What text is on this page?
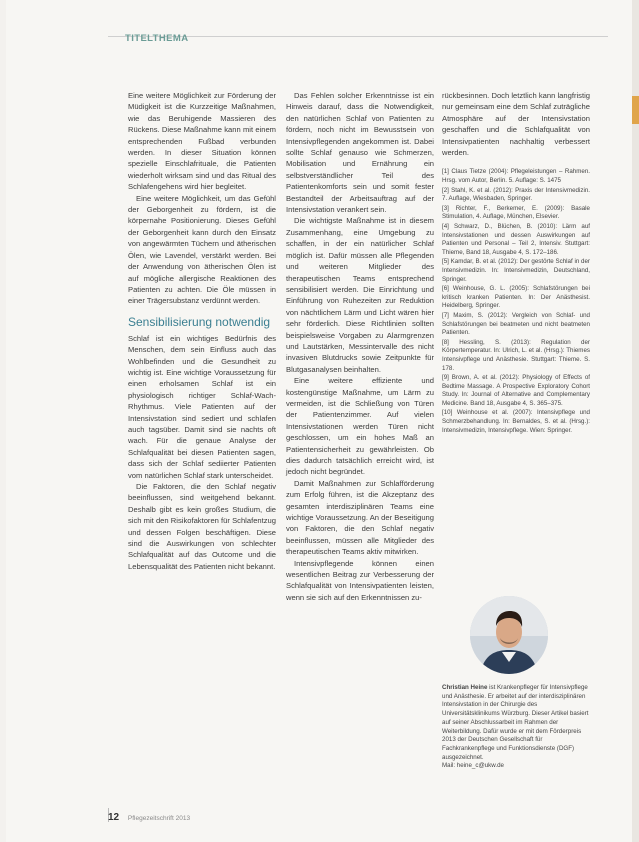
TITELTHEMA

Eine weitere Möglichkeit zur Förderung der Müdigkeit ist die Kurzzeitige Maßnahmen, wie das Beruhigende Massieren des Rückens. Diese Maßnahme kann mit einem entsprechenden Fußbad verbunden werden. In dieser Situation können spezielle Einschlafrituale, die Patienten wiederholt wirksam sind und das Ritual des Schlafengehens wird hier begleitet.

Eine weitere Möglichkeit, um das Gefühl der Geborgenheit zu fördern, ist die körpernahe Positionierung. Dieses Gefühl der Geborgenheit kann durch den Einsatz von angewärmten Tüchern und ätherischen Ölen, wie Lavendel, verstärkt werden. Bei der Anwendung von ätherischen Ölen ist auf mögliche allergische Reaktionen des Patienten zu achten. Die Öle müssen in einer Trägersubstanz verdünnt werden.

Sensibilisierung notwendig

Schlaf ist ein wichtiges Bedürfnis des Menschen, dem sein Einfluss auch das Wohlbefinden und die Gesundheit zu wichtig ist. Eine wichtige Voraussetzung für einen erholsamen Schlaf ist ein physiologisch richtiger Schlaf-Wach-Rhythmus. Viele Patienten auf der Intensivstation sind sediert und schlafen auch tagsüber. Damit sind sie nachts oft wach. Für die genaue Analyse der Schlafqualität bei diesen Patienten sagen, dass sich der Schlaf sediierter Patienten vom natürlichen Schlaf stark unterscheidet.

Die Faktoren, die den Schlaf negativ beeinflussen, sind weitgehend bekannt. Deshalb gibt es kein großes Studium, die sich mit den Risikofaktoren für Schlafentzug und dessen Folgen beschäftigen. Diese sind die Auswirkungen von schlechter Schlafqualität auf das Outcome und die Lebensqualität des Patienten nicht bekannt.

Das Fehlen solcher Erkenntnisse ist ein Hinweis darauf, dass die Notwendigkeit, den natürlichen Schlaf von Patienten zu fördern, noch nicht im Bewusstsein von Intensivpflegenden angekommen ist. Dabei sollte Schlaf genauso wie Schmerzen, Mobilisation und Ernährung ein selbstverständlicher Teil des Patientenkomforts sein und somit fester Bestandteil der Arbeitsauftrag auf der Intensivstation verankert sein.

Die wichtigste Maßnahme ist in diesem Zusammenhang, eine Umgebung zu schaffen, in der ein natürlicher Schlaf möglich ist. Dafür müssen alle Pflegenden und weiteren Mitglieder des therapeutischen Teams entsprechend sensibilisiert werden. Die Einrichtung und Einführung von Ruhezeiten zur Reduktion von nächtlichem Lärm und Licht wären hier sehr förderlich. Diese Richtlinien sollten beispielsweise Vorgaben zu Alarmgrenzen und Lautstärken, Messintervalle des nicht invasiven Blutdrucks sowie Zeitpunkte für Blutgasanalysen beinhalten.

Eine weitere effiziente und kostengünstige Maßnahme, um Lärm zu vermeiden, ist die Schließung von Türen der Patientenzimmer. Auf vielen Intensivstationen werden Türen nicht geschlossen, um ein hohes Maß an Patientensicherheit zu gewährleisten. Ob dies dadurch tatsächlich erreicht wird, ist jedoch nicht begründet.

Damit Maßnahmen zur Schlafförderung zum Erfolg führen, ist die Akzeptanz des gesamten interdisziplinären Teams eine wichtige Voraussetzung. An der Beseitigung von Faktoren, die den Schlaf negativ beeinflussen, müssen alle Mitglieder des therapeutischen Teams aktiv mitwirken.

Intensivpflegende können einen wesentlichen Beitrag zur Verbesserung der Schlafqualität von Intensivpatienten leisten, wenn sie sich auf den Erkenntnissen zu-

rückbesinnen. Doch letztlich kann langfristig nur gemeinsam eine dem Schlaf zuträgliche Atmosphäre auf der Intensivstation geschaffen und die Schlafqualität von Intensivpatienten nachhaltig verbessert werden.

[1] Claus Tietze (2004): Pflegeleistungen – Rahmen. Hrsg. vom Autor, Berlin. 5. Auflage: S. 1475
[2] Stahl, K. et al. (2012): Praxis der Intensivmedizin. 7. Auflage, Wiesbaden, Springer.
[3] Richter, F., Berkemer, E. (2009): Basale Stimulation, 4. Auflage, München, Elsevier.
[4] Schwarz, D., Blüchen, B. (2010): Lärm auf Intensivstationen und dessen Auswirkungen auf Patienten und Personal – Teil 2, Intensiv. Stuttgart: Thieme, Band 18, Ausgabe 4, S. 172–186.
[5] Kamdar, B. et al. (2012): Der gestörte Schlaf in der Intensivmedizin. In: Intensivmedizin, Deutschland, Springer.
[6] Weinhouse, G. L. (2005): Schlafstörungen bei kritisch kranken Patienten. In: Der Anästhesist. Heidelberg, Springer.
[7] Maxim, S. (2012): Vergleich von Schlaf- und Schlafstörungen bei beatmeten und nicht beatmeten Patienten.
[8] Hessling, S. (2013): Regulation der Körpertemperatur. In: Ulrich, L. et al. (Hrsg.): Thiemes Intensivpflege und Anästhesie. Stuttgart: Thieme. S. 178.
[9] Brown, A. et al. (2012): Physiology of Effects of Bedtime Massage. A Prospective Exploratory Cohort Study. In: Journal of Alternative and Complementary Medicine. Band 18, Ausgabe 4, S. 365–375.
[10] Weinhouse et al. (2007): Intensivpflege und Schmerzbehandlung. In: Bernaldes, S. et al. (Hrsg.): Intensivmedizin, Intensivpflege. Wien: Springer.
Christian Heine ist Krankenpfleger für Intensivpflege und Anästhesie. Er arbeitet auf der interdisziplinären Intensivstation in der Chirurgie des Universitätsklinikums Würzburg. Dieser Artikel basiert auf seiner Abschlussarbeit im Rahmen der Weiterbildung. Dafür wurde er mit dem Förderpreis 2013 der Deutschen Gesellschaft für Fachkrankenpflege und Funktionsdienste (DGF) ausgezeichnet.
Mail: heine_c@ukw.de
12 Pflegezeitschrift 2013
